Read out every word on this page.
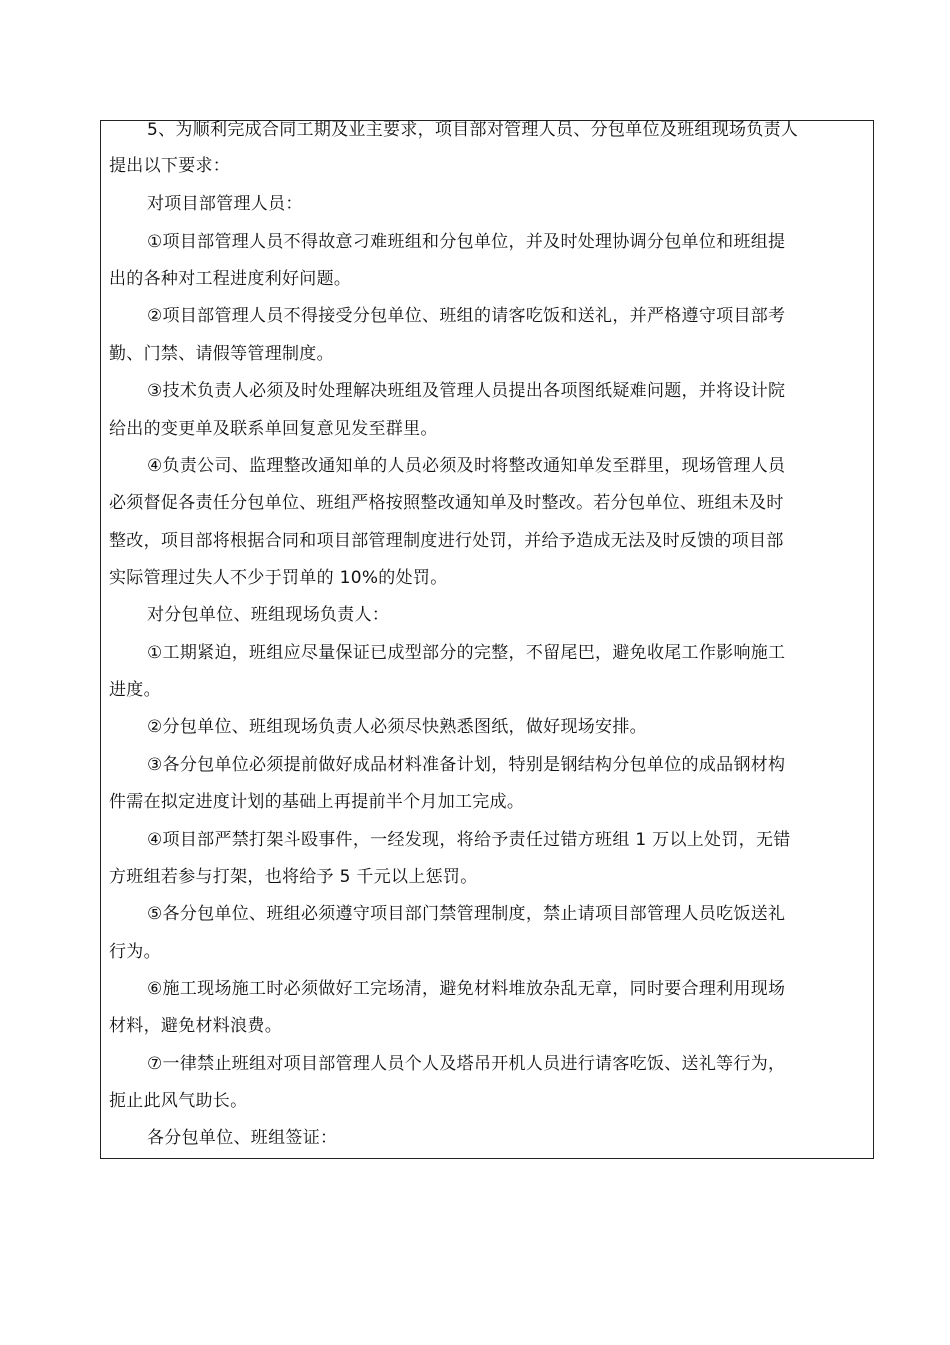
5、为顺利完成合同工期及业主要求，项目部对管理人员、分包单位及班组现场负责人
提出以下要求：
对项目部管理人员：
①项目部管理人员不得故意刁难班组和分包单位，并及时处理协调分包单位和班组提
出的各种对工程进度利好问题。
②项目部管理人员不得接受分包单位、班组的请客吃饭和送礼，并严格遵守项目部考
勤、门禁、请假等管理制度。
③技术负责人必须及时处理解决班组及管理人员提出各项图纸疑难问题，并将设计院
给出的变更单及联系单回复意见发至群里。
④负责公司、监理整改通知单的人员必须及时将整改通知单发至群里，现场管理人员
必须督促各责任分包单位、班组严格按照整改通知单及时整改。若分包单位、班组未及时
整改，项目部将根据合同和项目部管理制度进行处罚，并给予造成无法及时反馈的项目部
实际管理过失人不少于罚单的 10%的处罚。
对分包单位、班组现场负责人：
①工期紧迫，班组应尽量保证已成型部分的完整，不留尾巴，避免收尾工作影响施工
进度。
②分包单位、班组现场负责人必须尽快熟悉图纸，做好现场安排。
③各分包单位必须提前做好成品材料准备计划，特别是钢结构分包单位的成品钢材构
件需在拟定进度计划的基础上再提前半个月加工完成。
④项目部严禁打架斗殴事件，一经发现，将给予责任过错方班组 1 万以上处罚，无错
方班组若参与打架，也将给予 5 千元以上惩罚。
⑤各分包单位、班组必须遵守项目部门禁管理制度，禁止请项目部管理人员吃饭送礼
行为。
⑥施工现场施工时必须做好工完场清，避免材料堆放杂乱无章，同时要合理利用现场
材料，避免材料浪费。
⑦一律禁止班组对项目部管理人员个人及塔吊开机人员进行请客吃饭、送礼等行为，
扼止此风气助长。
各分包单位、班组签证：
